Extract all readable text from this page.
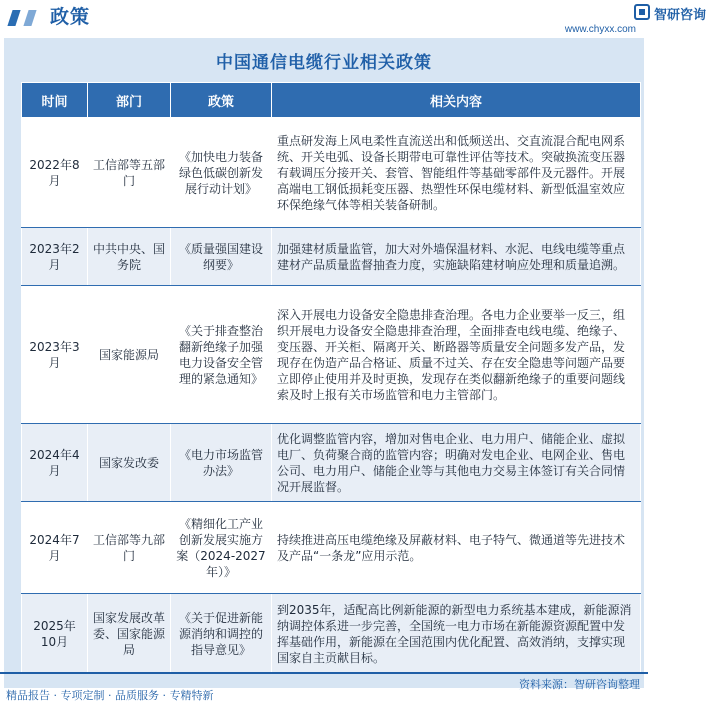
政策	智研咨询
www.chyxx.com
中国通信电缆行业相关政策
时间	部门	政策	相关内容
2022年8月	工信部等五部门	《加快电力装备绿色低碳创新发展行动计划》	重点研发海上风电柔性直流送出和低频送出、交直流混合配电网系统、开关电弧、设备长期带电可靠性评估等技术。突破换流变压器有载调压分接开关、套管、智能组件等基础零部件及元器件。开展高端电工钢低损耗变压器、热塑性环保电缆材料、新型低温室效应环保绝缘气体等相关装备研制。
2023年2月	中共中央、国务院	《质量强国建设纲要》	加强建材质量监管，加大对外墙保温材料、水泥、电线电缆等重点建材产品质量监督抽查力度，实施缺陷建材响应处理和质量追溯。
2023年3月	国家能源局	《关于排查整治翻新绝缘子加强电力设备安全管理的紧急通知》	深入开展电力设备安全隐患排查治理。各电力企业要举一反三，组织开展电力设备安全隐患排查治理，全面排查电线电缆、绝缘子、变压器、开关柜、隔离开关、断路器等质量安全问题多发产品，发现存在伪造产品合格证、质量不过关、存在安全隐患等问题产品要立即停止使用并及时更换，发现存在类似翻新绝缘子的重要问题线索及时上报有关市场监管和电力主管部门。
2024年4月	国家发改委	《电力市场监管办法》	优化调整监管内容，增加对售电企业、电力用户、储能企业、虚拟电厂、负荷聚合商的监管内容；明确对发电企业、电网企业、售电公司、电力用户、储能企业等与其他电力交易主体签订有关合同情况开展监督。
2024年7月	工信部等九部门	《精细化工产业创新发展实施方案（2024-2027年）》	持续推进高压电缆绝缘及屏蔽材料、电子特气、微通道等先进技术及产品“一条龙”应用示范。
2025年10月	国家发展改革委、国家能源局	《关于促进新能源消纳和调控的指导意见》	到2035年，适配高比例新能源的新型电力系统基本建成，新能源消纳调控体系进一步完善，全国统一电力市场在新能源资源配置中发挥基础作用，新能源在全国范围内优化配置、高效消纳，支撑实现国家自主贡献目标。
资料来源：智研咨询整理
精品报告 · 专项定制 · 品质服务 · 专精特新
